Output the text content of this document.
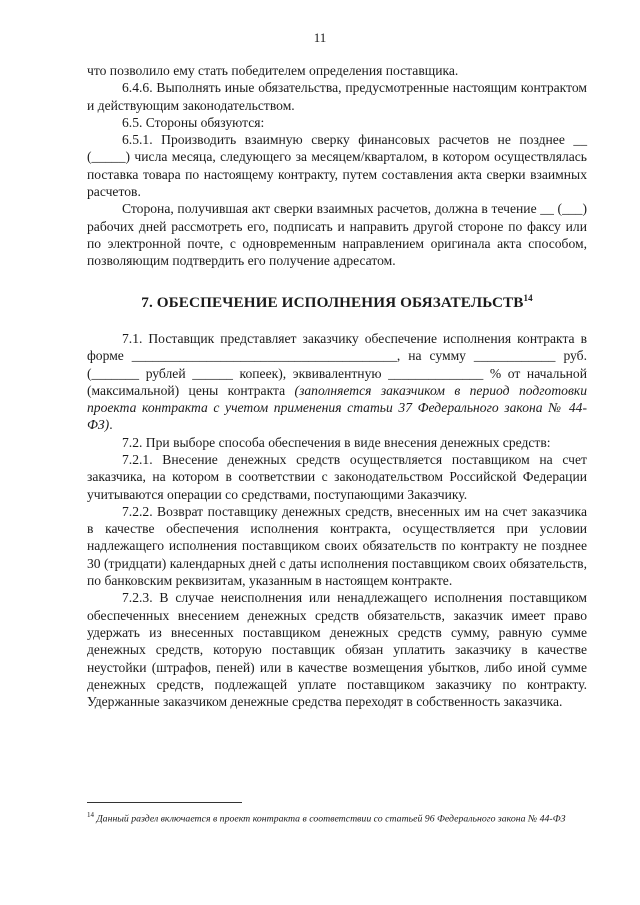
11

что позволило ему стать победителем определения поставщика.

6.4.6. Выполнять иные обязательства, предусмотренные настоящим контрактом и действующим законодательством.

6.5. Стороны обязуются:

6.5.1. Производить взаимную сверку финансовых расчетов не позднее __ (_____) числа месяца, следующего за месяцем/кварталом, в котором осуществлялась поставка товара по настоящему контракту, путем составления акта сверки взаимных расчетов.

Сторона, получившая акт сверки взаимных расчетов, должна в течение __ (___) рабочих дней рассмотреть его, подписать и направить другой стороне по факсу или по электронной почте, с одновременным направлением оригинала акта способом, позволяющим подтвердить его получение адресатом.

7. ОБЕСПЕЧЕНИЕ ИСПОЛНЕНИЯ ОБЯЗАТЕЛЬСТВ$^{14}$

7.1. Поставщик представляет заказчику обеспечение исполнения контракта в форме _______________________________________, на сумму ____________ руб. (_______ рублей ______ копеек), эквивалентную ______________ % от начальной (максимальной) цены контракта (заполняется заказчиком в период подготовки проекта контракта с учетом применения статьи 37 Федерального закона № 44-ФЗ).

7.2. При выборе способа обеспечения в виде внесения денежных средств:

7.2.1. Внесение денежных средств осуществляется поставщиком на счет заказчика, на котором в соответствии с законодательством Российской Федерации учитываются операции со средствами, поступающими Заказчику.

7.2.2. Возврат поставщику денежных средств, внесенных им на счет заказчика в качестве обеспечения исполнения контракта, осуществляется при условии надлежащего исполнения поставщиком своих обязательств по контракту не позднее 30 (тридцати) календарных дней с даты исполнения поставщиком своих обязательств, по банковским реквизитам, указанным в настоящем контракте.

7.2.3. В случае неисполнения или ненадлежащего исполнения поставщиком обеспеченных внесением денежных средств обязательств, заказчик имеет право удержать из внесенных поставщиком денежных средств сумму, равную сумме денежных средств, которую поставщик обязан уплатить заказчику в качестве неустойки (штрафов, пеней) или в качестве возмещения убытков, либо иной сумме денежных средств, подлежащей уплате поставщиком заказчику по контракту. Удержанные заказчиком денежные средства переходят в собственность заказчика.

$^{14}$ Данный раздел включается в проект контракта в соответствии со статьей 96 Федерального закона № 44-ФЗ
